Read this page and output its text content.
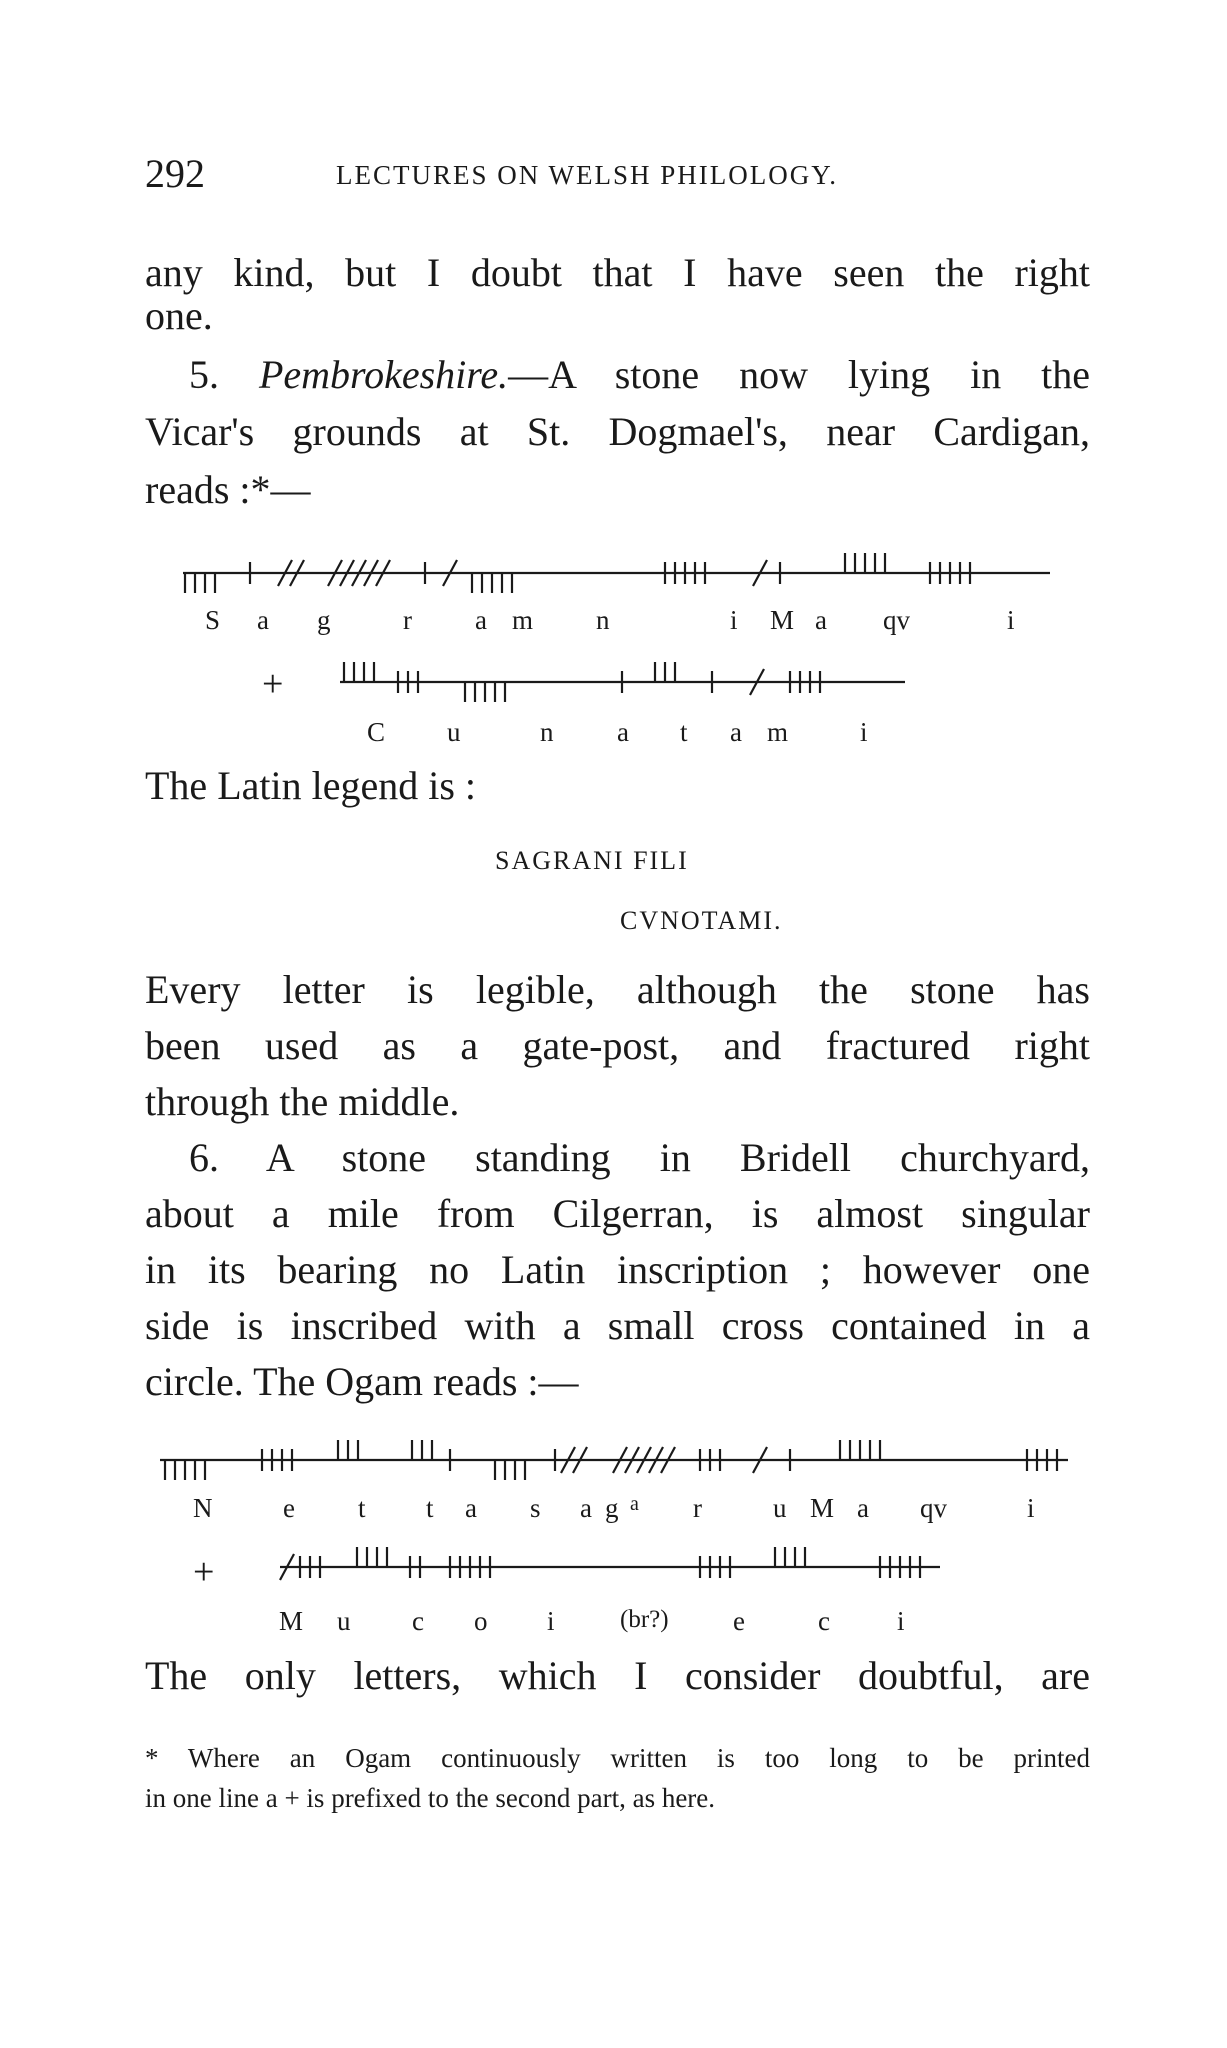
292	LECTURES ON WELSH PHILOLOGY.
any kind, but I doubt that I have seen the right
one.
5. Pembrokeshire.—A stone now lying in the
Vicar's grounds at St. Dogmael's, near Cardigan,
reads :*—
S a g	r a m n	i M a qv	i
+
C u	n a t a m	i
The Latin legend is :
SAGRANI FILI
CVNOTAMI.
Every letter is legible, although the stone has
been used as a gate-post, and fractured right
through the middle.
6. A stone standing in Bridell churchyard,
about a mile from Cilgerran, is almost singular
in its bearing no Latin inscription ; however one
side is inscribed with a small cross contained in a
circle. The Ogam reads :—
N	e t t a s a g a r	u M a qv	i
+
M u c o i	(br?) e	c i
The only letters, which I consider doubtful, are
* Where an Ogam continuously written is too long to be printed
in one line a + is prefixed to the second part, as here.
